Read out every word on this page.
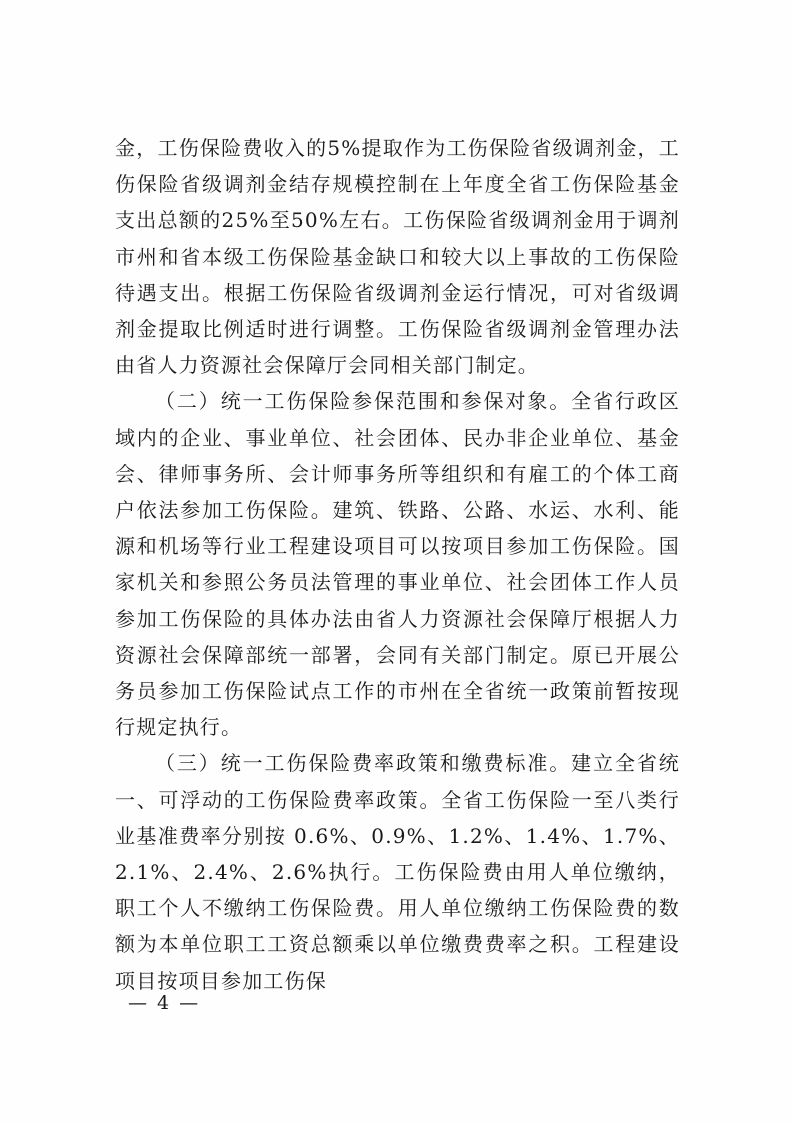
金，工伤保险费收入的5%提取作为工伤保险省级调剂金，工伤保险省级调剂金结存规模控制在上年度全省工伤保险基金支出总额的25%至50%左右。工伤保险省级调剂金用于调剂市州和省本级工伤保险基金缺口和较大以上事故的工伤保险待遇支出。根据工伤保险省级调剂金运行情况，可对省级调剂金提取比例适时进行调整。工伤保险省级调剂金管理办法由省人力资源社会保障厅会同相关部门制定。

（二）统一工伤保险参保范围和参保对象。全省行政区域内的企业、事业单位、社会团体、民办非企业单位、基金会、律师事务所、会计师事务所等组织和有雇工的个体工商户依法参加工伤保险。建筑、铁路、公路、水运、水利、能源和机场等行业工程建设项目可以按项目参加工伤保险。国家机关和参照公务员法管理的事业单位、社会团体工作人员参加工伤保险的具体办法由省人力资源社会保障厅根据人力资源社会保障部统一部署，会同有关部门制定。原已开展公务员参加工伤保险试点工作的市州在全省统一政策前暂按现行规定执行。

（三）统一工伤保险费率政策和缴费标准。建立全省统一、可浮动的工伤保险费率政策。全省工伤保险一至八类行业基准费率分别按 0.6%、0.9%、1.2%、1.4%、1.7%、2.1%、2.4%、2.6%执行。工伤保险费由用人单位缴纳，职工个人不缴纳工伤保险费。用人单位缴纳工伤保险费的数额为本单位职工工资总额乘以单位缴费费率之积。工程建设项目按项目参加工伤保

— 4 —
